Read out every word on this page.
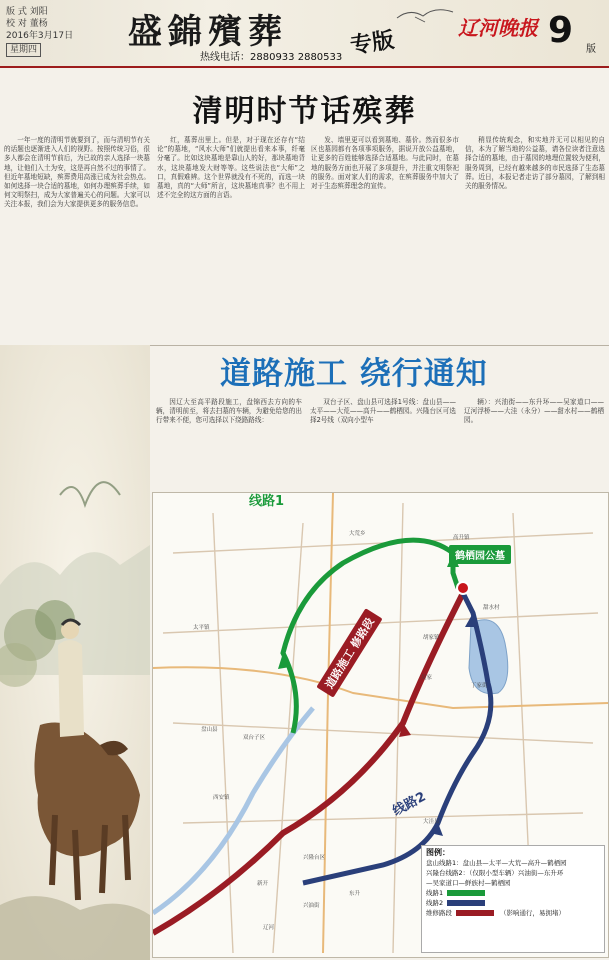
版 式 刘阳
校 对 董杨
2016年3月17日
星期四	盛錦殯葬	专版
热线电话：2880933 2880533
辽河晚报 9 版
清明时节话殡葬

一年一度的清明节就要到了，而与清明节有关的话题也逐渐进入人们的视野。按照传统习俗，很多人都会在清明节前后，为已故的亲人选择一块墓地，让他们入土为安，这是再自然不过的事情了。但近年墓地短缺，殡葬费用高涨已成为社会热点。如何选择一块合适的墓地，如何办理殡葬手续，如何文明祭扫，成为大家普遍关心的问题。大家可以关注本报，我们会为大家提供更多的服务信息。

红，墓葬出里上。但是，对于现在还存有“结论”的墓地，“风水大师”们就提出看来本事，纤毫分毫了。比如这块墓地是靠山人的好，那块墓地背水，这块墓地发大财等等。这些说法也“大师”之口，真假难辨。这个世界就没有不死的，而选一块墓地，真的“大师”所言，这块墓地真事？也不用上述不完全的这方面的言语。

发、墙里更可以看到墓地、墓价。然而很多市区也墓园都有各项事项服务，据说开放公益墓地，让更多的百姓能够选择合适墓地。与此同时，在墓地的服务方面也开展了多项提升，并注重文明祭祀的服务。面对家人们的需求，在殡葬服务中加大了对于生态殡葬理念的宣传。

稍显传统观念，和实地并无可以相见的自信，本为了解当地的公益墓，请各位读者注意选择合适的墓地，由于墓园的地理位置较为便利，服务周到，已经有越来越多的市民选择了生态墓葬。近日，本报记者走访了部分墓园，了解到相关的服务情况。

道路施工 绕行通知

因辽大至高平路段施工，盘锦西去方向的车辆，清明前至，将去扫墓的车辆，为避免给您的出行带来不便，您可选择以下绕路路线：

双台子区、盘山县可选择1号线：盘山县——太平——大荒——高升——鹤栖园。兴隆台区可选择2号线（双向小型车

辆）：兴油街——东升环——吴家道口——辽河浮桥——大洼（永分）——甜水村——鹤栖园。

线路1
线路2
鹤栖园公墓
道路施工 修路段
高升镇
大荒乡
太平镇
盘山县
甜水村
丁家街
胡家镇
兴隆台区
吴家
西安镇
东升
双台子区
新开
兴油街
大洼县
辽河
图例：
盘山线路1：盘山县—太平—大荒—高升—鹤栖园
兴隆台线路2：（仅限小型车辆）兴油街—东升环
—吴家道口—鲜族村—鹤栖园
线路1
线路2
维修路段	（影响通行，易拥堵）
